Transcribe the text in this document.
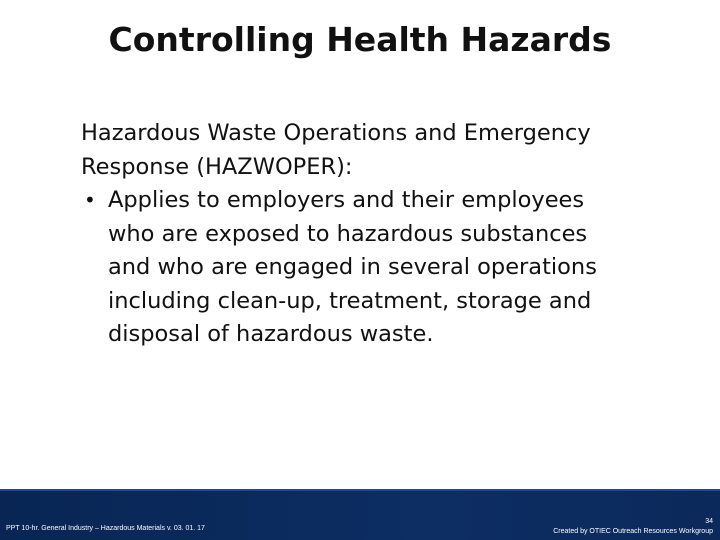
Controlling Health Hazards

Hazardous Waste Operations and Emergency

Response (HAZWOPER):

• Applies to employers and their employees
who are exposed to hazardous substances
and who are engaged in several operations
including clean-up, treatment, storage and
disposal of hazardous waste.
PPT 10-hr. General Industry – Hazardous Materials v. 03. 01. 17
34
Created by OTIEC Outreach Resources Workgroup
